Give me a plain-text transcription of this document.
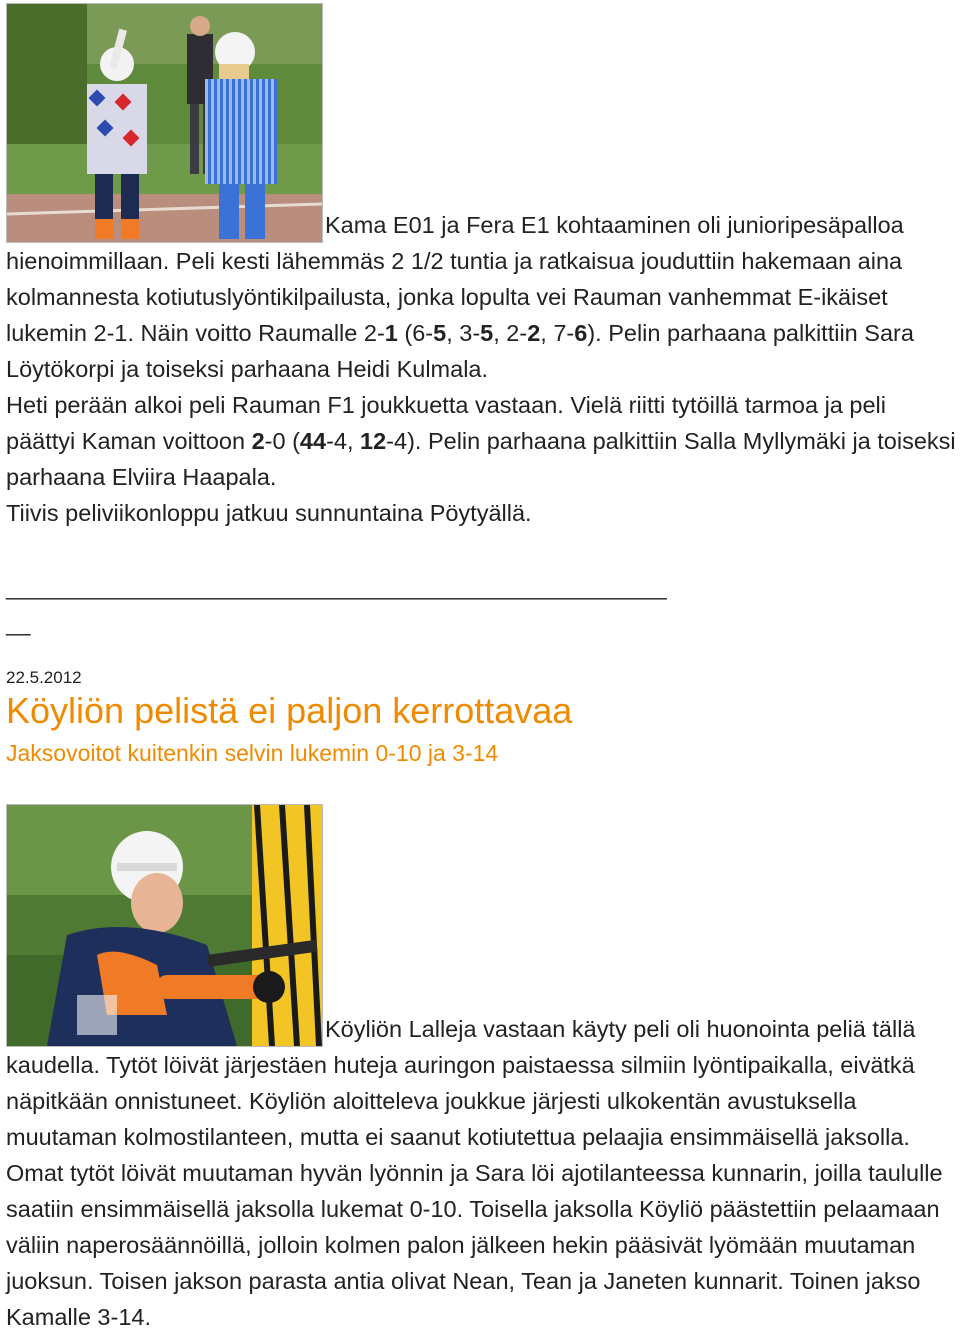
Kama E01 ja Fera E1 kohtaaminen oli junioripesäpalloa hienoimmillaan. Peli kesti lähemmäs 2 1/2 tuntia ja ratkaisua jouduttiin hakemaan aina kolmannesta kotiutuslyöntikilpailusta, jonka lopulta vei Rauman vanhemmat E-ikäiset lukemin 2-1. Näin voitto Raumalle 2-1 (6-5, 3-5, 2-2, 7-6). Pelin parhaana palkittiin Sara Löytökorpi ja toiseksi parhaana Heidi Kulmala.
Heti perään alkoi peli Rauman F1 joukkuetta vastaan. Vielä riitti tytöillä tarmoa ja peli päättyi Kaman voittoon 2-0 (44-4, 12-4). Pelin parhaana palkittiin Salla Myllymäki ja toiseksi parhaana Elviira Haapala.
Tiivis peliviikonloppu jatkuu sunnuntaina Pöytyällä.

______________________________________________________
__
22.5.2012
Köyliön pelistä ei paljon kerrottavaa
Jaksovoitot kuitenkin selvin lukemin 0-10 ja 3-14

Köyliön Lalleja vastaan käyty peli oli huonointa peliä tällä kaudella. Tytöt löivät järjestäen huteja auringon paistaessa silmiin lyöntipaikalla, eivätkä näpitkään onnistuneet. Köyliön aloitteleva joukkue järjesti ulkokentän avustuksella muutaman kolmostilanteen, mutta ei saanut kotiutettua pelaajia ensimmäisellä jaksolla. Omat tytöt löivät muutaman hyvän lyönnin ja Sara löi ajotilanteessa kunnarin, joilla taululle saatiin ensimmäisellä jaksolla lukemat 0-10. Toisella jaksolla Köyliö päästettiin pelaamaan väliin naperosäännöillä, jolloin kolmen palon jälkeen hekin pääsivät lyömään muutaman juoksun. Toisen jakson parasta antia olivat Nean, Tean ja Janeten kunnarit. Toinen jakso Kamalle 3-14.
